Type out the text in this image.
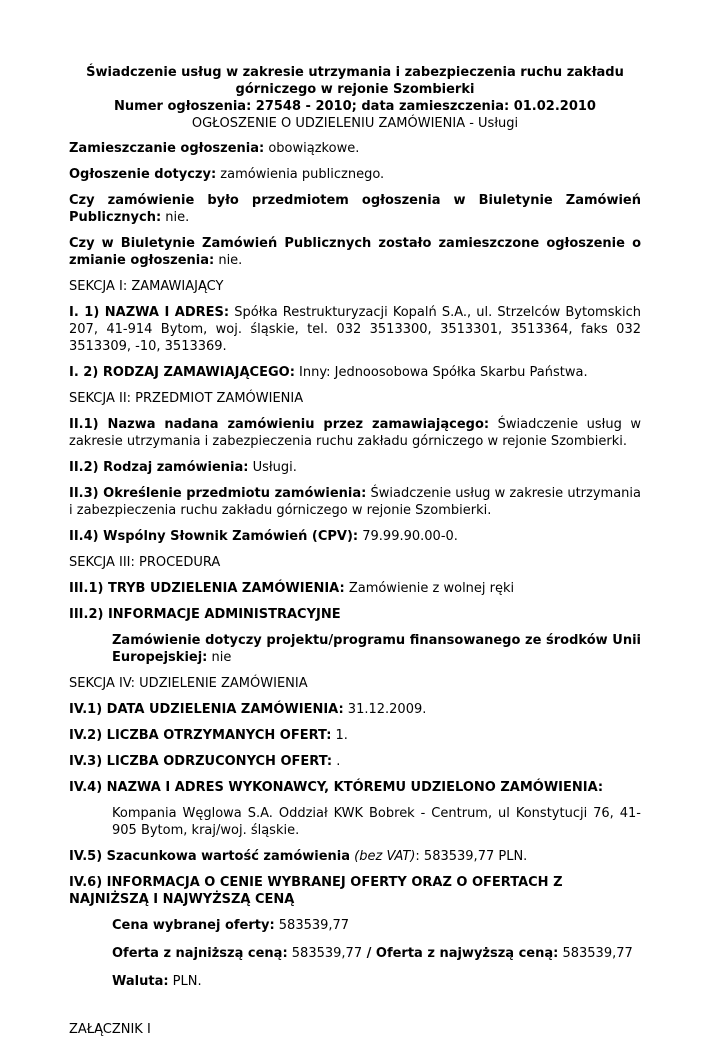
Świadczenie usług w zakresie utrzymania i zabezpieczenia ruchu zakładu
górniczego w rejonie Szombierki
Numer ogłoszenia: 27548 - 2010; data zamieszczenia: 01.02.2010
OGŁOSZENIE O UDZIELENIU ZAMÓWIENIA - Usługi

Zamieszczanie ogłoszenia: obowiązkowe.

Ogłoszenie dotyczy: zamówienia publicznego.

Czy zamówienie było przedmiotem ogłoszenia w Biuletynie Zamówień Publicznych: nie.

Czy w Biuletynie Zamówień Publicznych zostało zamieszczone ogłoszenie o zmianie ogłoszenia: nie.

SEKCJA I: ZAMAWIAJĄCY

I. 1) NAZWA I ADRES: Spółka Restrukturyzacji Kopalń S.A., ul. Strzelców Bytomskich 207, 41-914 Bytom, woj. śląskie, tel. 032 3513300, 3513301, 3513364, faks 032 3513309, -10, 3513369.

I. 2) RODZAJ ZAMAWIAJĄCEGO: Inny: Jednoosobowa Spółka Skarbu Państwa.

SEKCJA II: PRZEDMIOT ZAMÓWIENIA

II.1) Nazwa nadana zamówieniu przez zamawiającego: Świadczenie usług w zakresie utrzymania i zabezpieczenia ruchu zakładu górniczego w rejonie Szombierki.

II.2) Rodzaj zamówienia: Usługi.

II.3) Określenie przedmiotu zamówienia: Świadczenie usług w zakresie utrzymania i zabezpieczenia ruchu zakładu górniczego w rejonie Szombierki.

II.4) Wspólny Słownik Zamówień (CPV): 79.99.90.00-0.

SEKCJA III: PROCEDURA

III.1) TRYB UDZIELENIA ZAMÓWIENIA: Zamówienie z wolnej ręki

III.2) INFORMACJE ADMINISTRACYJNE

Zamówienie dotyczy projektu/programu finansowanego ze środków Unii Europejskiej: nie

SEKCJA IV: UDZIELENIE ZAMÓWIENIA

IV.1) DATA UDZIELENIA ZAMÓWIENIA: 31.12.2009.

IV.2) LICZBA OTRZYMANYCH OFERT: 1.

IV.3) LICZBA ODRZUCONYCH OFERT: .

IV.4) NAZWA I ADRES WYKONAWCY, KTÓREMU UDZIELONO ZAMÓWIENIA:

Kompania Węglowa S.A. Oddział KWK Bobrek - Centrum, ul Konstytucji 76, 41-905 Bytom, kraj/woj. śląskie.

IV.5) Szacunkowa wartość zamówienia (bez VAT): 583539,77 PLN.

IV.6) INFORMACJA O CENIE WYBRANEJ OFERTY ORAZ O OFERTACH Z NAJNIŻSZĄ I NAJWYŻSZĄ CENĄ

Cena wybranej oferty: 583539,77

Oferta z najniższą ceną: 583539,77 / Oferta z najwyższą ceną: 583539,77

Waluta: PLN.

ZAŁĄCZNIK I
